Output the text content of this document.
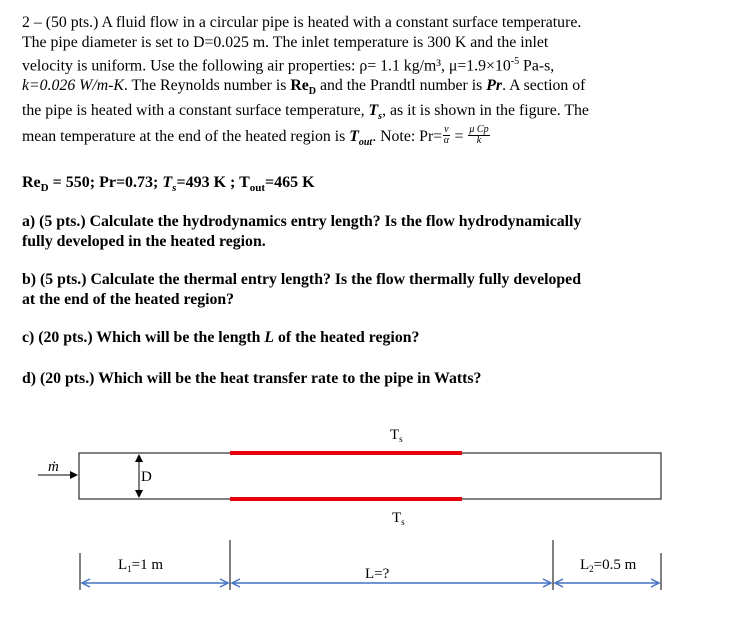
2 – (50 pts.) A fluid flow in a circular pipe is heated with a constant surface temperature.
The pipe diameter is set to D=0.025 m. The inlet temperature is 300 K and the inlet
velocity is uniform. Use the following air properties: ρ= 1.1 kg/m³, $\mu=1.9\times 10^{-5}$ Pa-s,
k=0.026 W/m-K. The Reynolds number is $Re_D$ and the Prandtl number is Pr. A section of
the pipe is heated with a constant surface temperature, $T_s$, as it is shown in the figure. The
mean temperature at the end of the heated region is $T_{out}$. Note: $Pr= \frac{\nu}{\alpha} = \frac{\text{μ Cp}}{k}$
$Re_D = 550$; Pr=0.73; $T_s=493$ K ; $T_{out}=465$ K
a) (5 pts.) Calculate the hydrodynamics entry length? Is the flow hydrodynamically
fully developed in the heated region.
b) (5 pts.) Calculate the thermal entry length? Is the flow thermally fully developed
at the end of the heated region?
c) (20 pts.) Which will be the length L of the heated region?
d) (20 pts.) Which will be the heat transfer rate to the pipe in Watts?
ṁ
D
$T_s$
$T_s$
$L_1=1$ m
L=?
$L_2=0.5$ m
